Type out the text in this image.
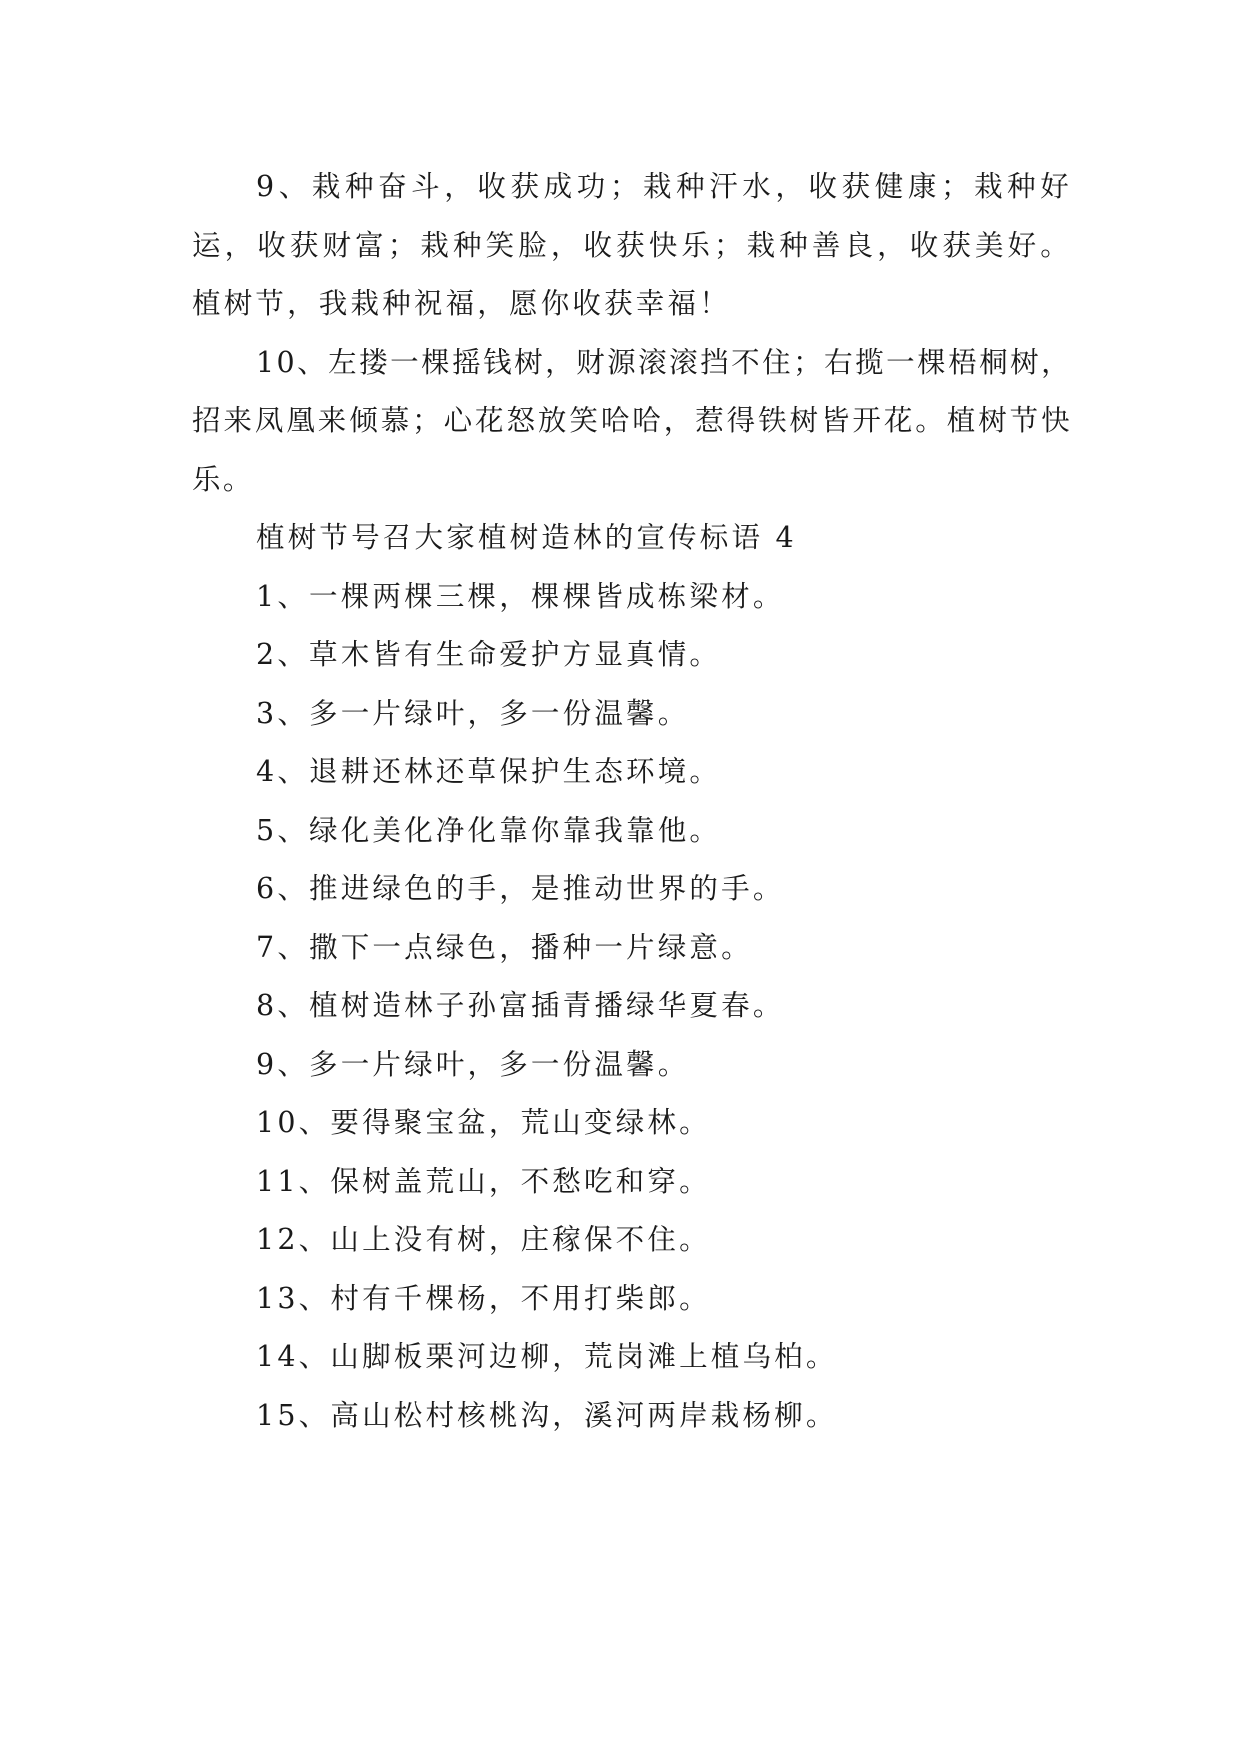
9、栽种奋斗，收获成功；栽种汗水，收获健康；栽种好运，收获财富；栽种笑脸，收获快乐；栽种善良，收获美好。植树节，我栽种祝福，愿你收获幸福！

10、左搂一棵摇钱树，财源滚滚挡不住；右揽一棵梧桐树，招来凤凰来倾慕；心花怒放笑哈哈，惹得铁树皆开花。植树节快乐。

植树节号召大家植树造林的宣传标语 4

1、一棵两棵三棵，棵棵皆成栋梁材。
2、草木皆有生命爱护方显真情。
3、多一片绿叶，多一份温馨。
4、退耕还林还草保护生态环境。
5、绿化美化净化靠你靠我靠他。
6、推进绿色的手，是推动世界的手。
7、撒下一点绿色，播种一片绿意。
8、植树造林子孙富插青播绿华夏春。
9、多一片绿叶，多一份温馨。
10、要得聚宝盆，荒山变绿林。
11、保树盖荒山，不愁吃和穿。
12、山上没有树，庄稼保不住。
13、村有千棵杨，不用打柴郎。
14、山脚板栗河边柳，荒岗滩上植乌柏。
15、高山松村核桃沟，溪河两岸栽杨柳。
